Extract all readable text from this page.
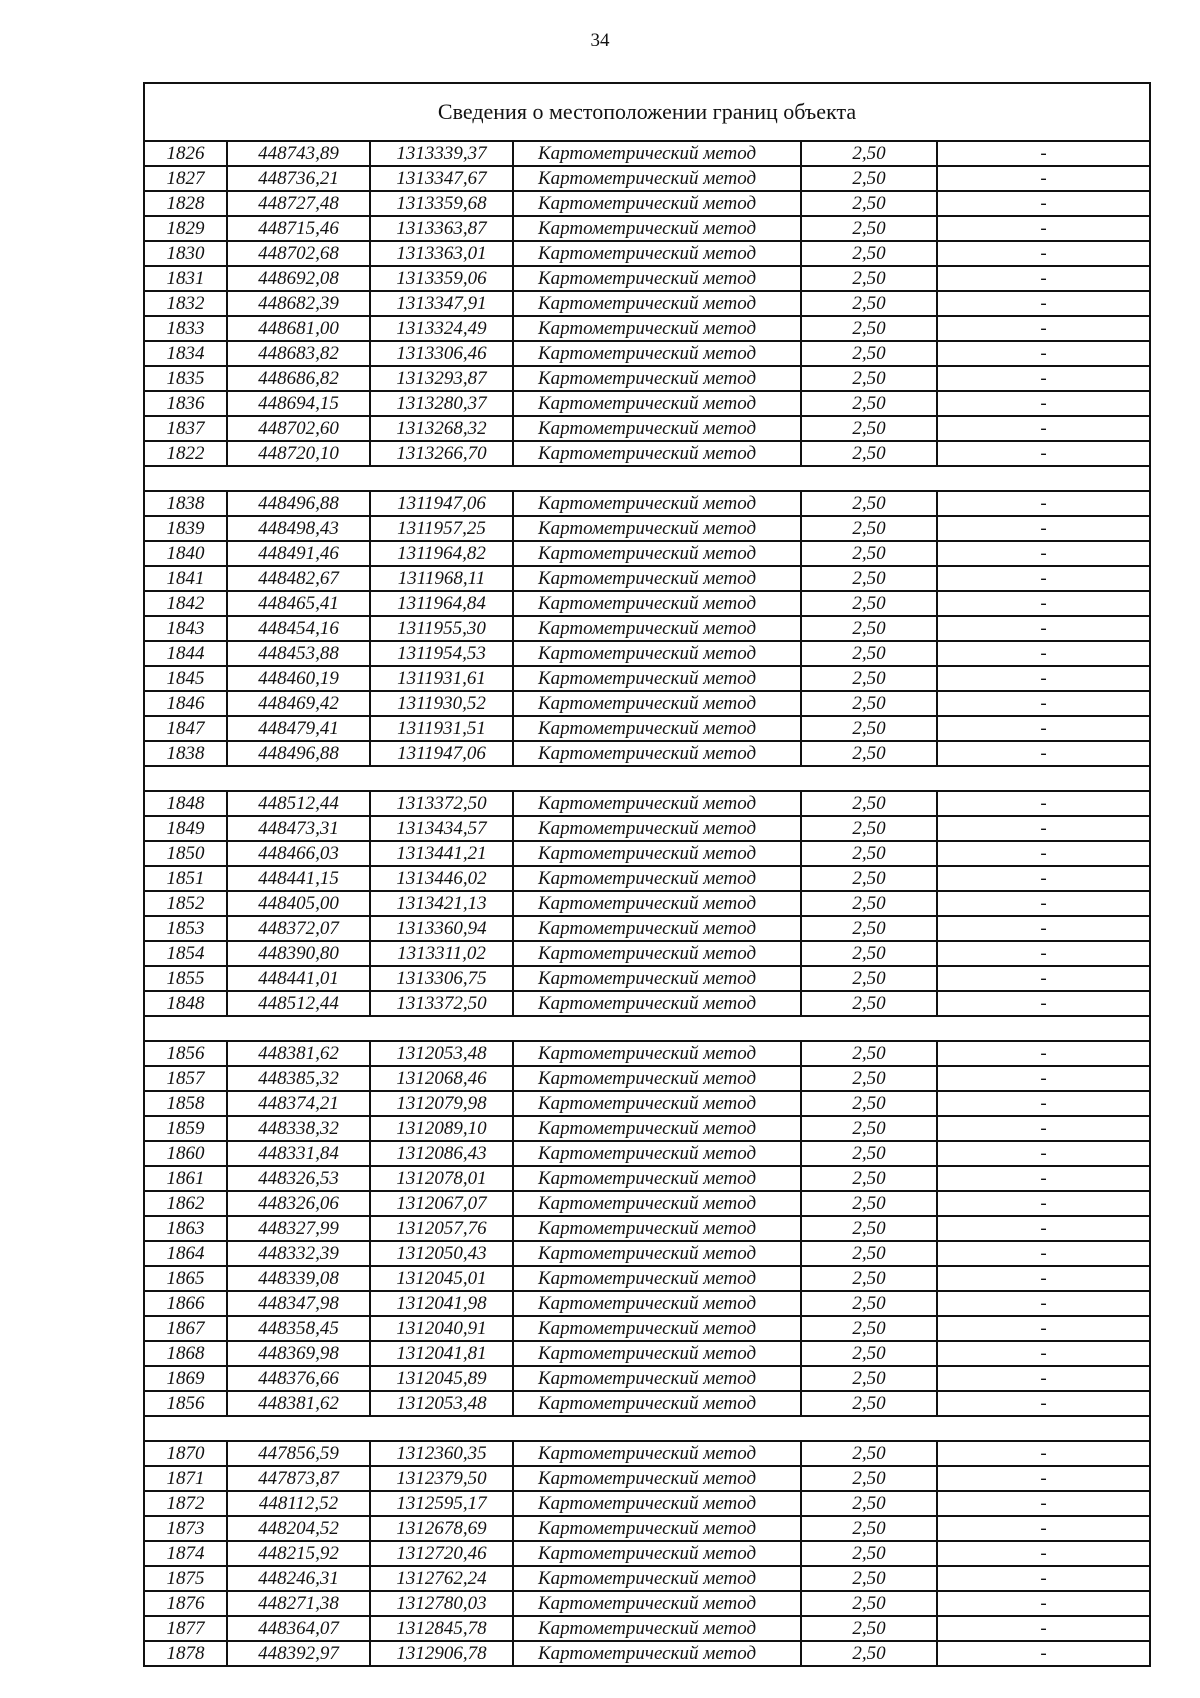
34
Сведения о местоположении границ объекта					
1826	448743,89	1313339,37	Картометрический метод	2,50	-
1827	448736,21	1313347,67	Картометрический метод	2,50	-
1828	448727,48	1313359,68	Картометрический метод	2,50	-
1829	448715,46	1313363,87	Картометрический метод	2,50	-
1830	448702,68	1313363,01	Картометрический метод	2,50	-
1831	448692,08	1313359,06	Картометрический метод	2,50	-
1832	448682,39	1313347,91	Картометрический метод	2,50	-
1833	448681,00	1313324,49	Картометрический метод	2,50	-
1834	448683,82	1313306,46	Картометрический метод	2,50	-
1835	448686,82	1313293,87	Картометрический метод	2,50	-
1836	448694,15	1313280,37	Картометрический метод	2,50	-
1837	448702,60	1313268,32	Картометрический метод	2,50	-
1822	448720,10	1313266,70	Картометрический метод	2,50	-

1838	448496,88	1311947,06	Картометрический метод	2,50	-
1839	448498,43	1311957,25	Картометрический метод	2,50	-
1840	448491,46	1311964,82	Картометрический метод	2,50	-
1841	448482,67	1311968,11	Картометрический метод	2,50	-
1842	448465,41	1311964,84	Картометрический метод	2,50	-
1843	448454,16	1311955,30	Картометрический метод	2,50	-
1844	448453,88	1311954,53	Картометрический метод	2,50	-
1845	448460,19	1311931,61	Картометрический метод	2,50	-
1846	448469,42	1311930,52	Картометрический метод	2,50	-
1847	448479,41	1311931,51	Картометрический метод	2,50	-
1838	448496,88	1311947,06	Картометрический метод	2,50	-

1848	448512,44	1313372,50	Картометрический метод	2,50	-
1849	448473,31	1313434,57	Картометрический метод	2,50	-
1850	448466,03	1313441,21	Картометрический метод	2,50	-
1851	448441,15	1313446,02	Картометрический метод	2,50	-
1852	448405,00	1313421,13	Картометрический метод	2,50	-
1853	448372,07	1313360,94	Картометрический метод	2,50	-
1854	448390,80	1313311,02	Картометрический метод	2,50	-
1855	448441,01	1313306,75	Картометрический метод	2,50	-
1848	448512,44	1313372,50	Картометрический метод	2,50	-

1856	448381,62	1312053,48	Картометрический метод	2,50	-
1857	448385,32	1312068,46	Картометрический метод	2,50	-
1858	448374,21	1312079,98	Картометрический метод	2,50	-
1859	448338,32	1312089,10	Картометрический метод	2,50	-
1860	448331,84	1312086,43	Картометрический метод	2,50	-
1861	448326,53	1312078,01	Картометрический метод	2,50	-
1862	448326,06	1312067,07	Картометрический метод	2,50	-
1863	448327,99	1312057,76	Картометрический метод	2,50	-
1864	448332,39	1312050,43	Картометрический метод	2,50	-
1865	448339,08	1312045,01	Картометрический метод	2,50	-
1866	448347,98	1312041,98	Картометрический метод	2,50	-
1867	448358,45	1312040,91	Картометрический метод	2,50	-
1868	448369,98	1312041,81	Картометрический метод	2,50	-
1869	448376,66	1312045,89	Картометрический метод	2,50	-
1856	448381,62	1312053,48	Картометрический метод	2,50	-

1870	447856,59	1312360,35	Картометрический метод	2,50	-
1871	447873,87	1312379,50	Картометрический метод	2,50	-
1872	448112,52	1312595,17	Картометрический метод	2,50	-
1873	448204,52	1312678,69	Картометрический метод	2,50	-
1874	448215,92	1312720,46	Картометрический метод	2,50	-
1875	448246,31	1312762,24	Картометрический метод	2,50	-
1876	448271,38	1312780,03	Картометрический метод	2,50	-
1877	448364,07	1312845,78	Картометрический метод	2,50	-
1878	448392,97	1312906,78	Картометрический метод	2,50	-
